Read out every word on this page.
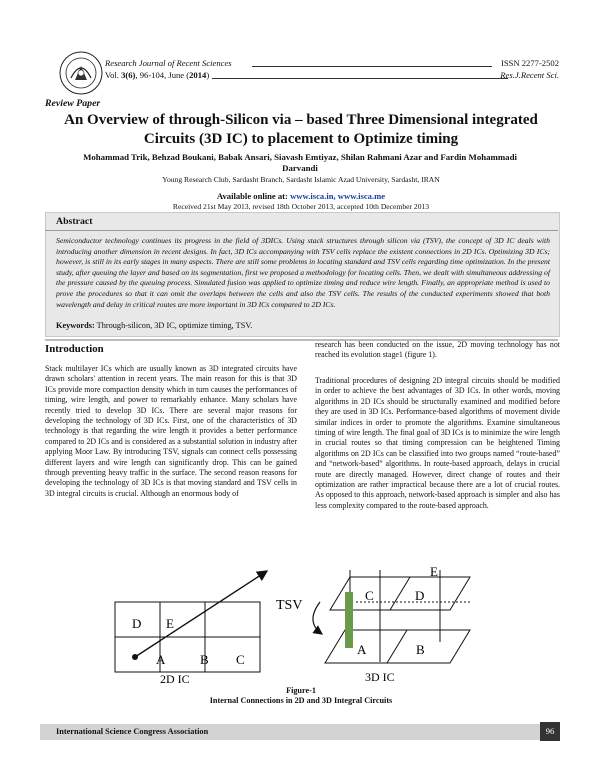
Research Journal of Recent Sciences
Vol. 3(6), 96-104, June (2014)
ISSN 2277-2502
Res.J.Recent Sci.
Review Paper
An Overview of through-Silicon via – based Three Dimensional integrated
Circuits (3D IC) to placement to Optimize timing
Mohammad Trik, Behzad Boukani, Babak Ansari, Siavash Emtiyaz, Shilan Rahmani Azar and Fardin Mohammadi
Darvandi
Young Research Club, Sardasht Branch, Sardasht Islamic Azad University, Sardasht, IRAN
Available online at: www.isca.in, www.isca.me
Received 21st May 2013, revised 18th October 2013, accepted 10th December 2013
Abstract
Semiconductor technology continues its progress in the field of 3DICs. Using stack structures through silicon via (TSV), the concept of 3D IC deals with introducing another dimension in recent designs. In fact, 3D ICs accompanying with TSV cells replace the existent connections in 2D ICs. Optimizing 3D ICs; however, is still in its early stages in many aspects. There are still some problems in locating standard and TSV cells regarding time optimization. In the present study, after queuing the layer and based on its segmentation, first we proposed a methodology for locating cells. Then, we dealt with simultaneous addressing of the pressure caused by the queuing process. Simulated fusion was applied to optimize timing and reduce wire length. Finally, an appropriate method is used to prove the procedures so that it can omit the overlaps between the cells and also the TSV cells. The results of the conducted experiments showed that both wavelength and delay in critical routes are more important in 3D ICs compared to 2D ICs.
Keywords: Through-silicon, 3D IC, optimize timing, TSV.
Introduction
Stack multilayer ICs which are usually known as 3D integrated circuits have drawn scholars' attention in recent years. The main reason for this is that 3D ICs provide more compaction density which in turn causes the performances of timing, wire length, and power to remarkably enhance. Many scholars have recently tried to develop 3D ICs. There are several major reasons for developing the technology of 3D ICs. First, one of the characteristics of 3D technology is that regarding the wire length it provides a better performance compared to 2D ICs and is considered as a substantial solution in industry after applying Moor Law. By introducing TSV, signals can connect cells possessing different layers and wire length can significantly drop. This can be gained through preventing heavy traffic in the surface. The second reason reasons for developing the technology of 3D ICs is that moving standard and TSV cells in 3D integral circuits is crucial. Although an enormous body of
research has been conducted on the issue, 2D moving technology has not reached its evolution stage1 (figure 1).
Traditional procedures of designing 2D integral circuits should be modified in order to achieve the best advantages of 3D ICs. In other words, moving algorithms in 2D ICs should be structurally examined and modified before they are used in 3D ICs. Performance-based algorithms of movement divide similar indices in order to promote the algorithms. Examine simultaneous timing of wire length. The final goal of 3D ICs is to minimize the wire length in crucial routes so that timing compression can be heightened Timing algorithms on 2D ICs can be classified into two groups named “route-based” and “network-based” algorithms. In route-based approach, delays in crucial route are directly managed. However, direct change of routes and their optimization are rather impractical because there are a lot of crucial routes. As opposed to this approach, network-based approach is simpler and also has less complexity compared to the route-based approach.
D E
A	B C
2D IC
TSV
C	D
E
A	B
3D IC
Figure-1
Internal Connections in 2D and 3D Integral Circuits
International Science Congress Association	96
